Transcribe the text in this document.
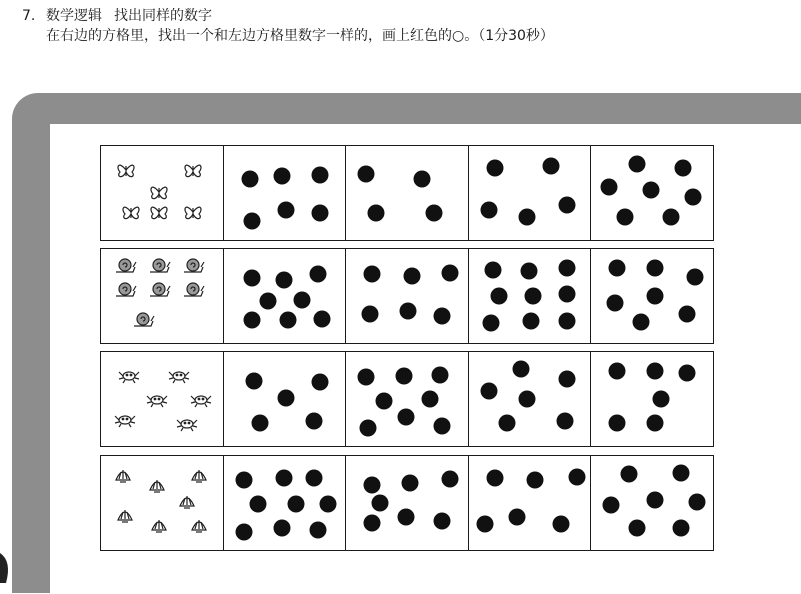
7. 数学逻辑 找出同样的数字
在右边的方格里，找出一个和左边方格里数字一样的，画上红色的○。（1分30秒）
